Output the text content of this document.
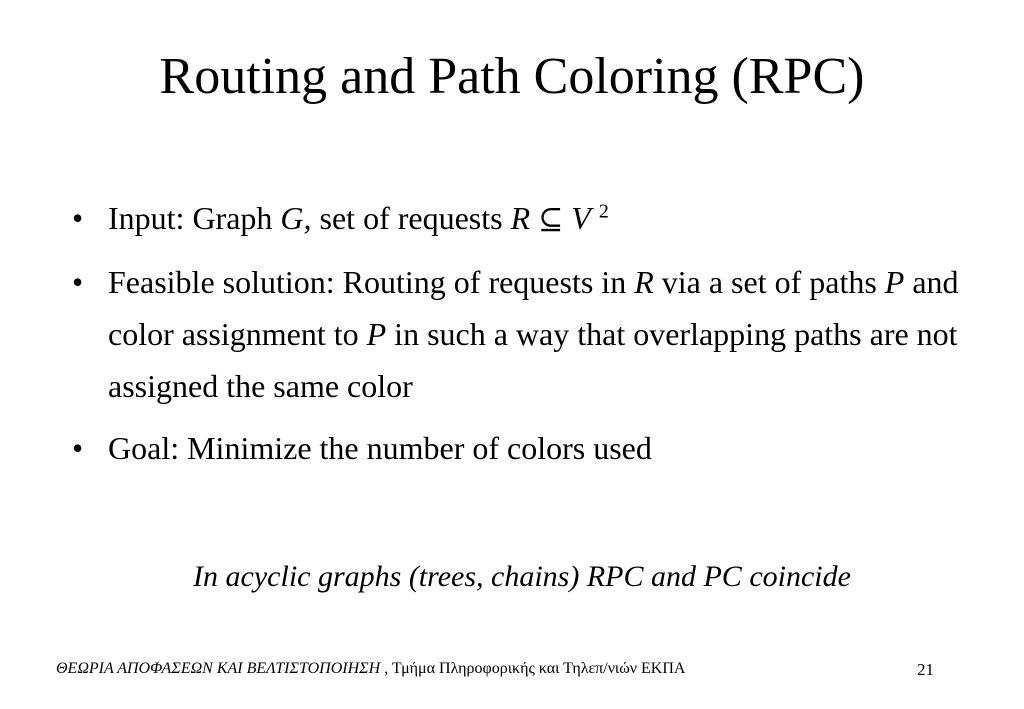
Routing and Path Coloring (RPC)
• Input: Graph G, set of requests R ⊆ V $^2$
• Feasible solution: Routing of requests in R via a set of paths P and color assignment to P in such a way that overlapping paths are not assigned the same color
• Goal: Minimize the number of colors used
In acyclic graphs (trees, chains) RPC and PC coincide
ΘΕΩΡΙΑ ΑΠΟΦΑΣΕΩΝ ΚΑΙ ΒΕΛΤΙΣΤΟΠΟΙΗΣΗ , Τμήμα Πληροφορικής και Τηλεπ/νιών ΕΚΠΑ	21
